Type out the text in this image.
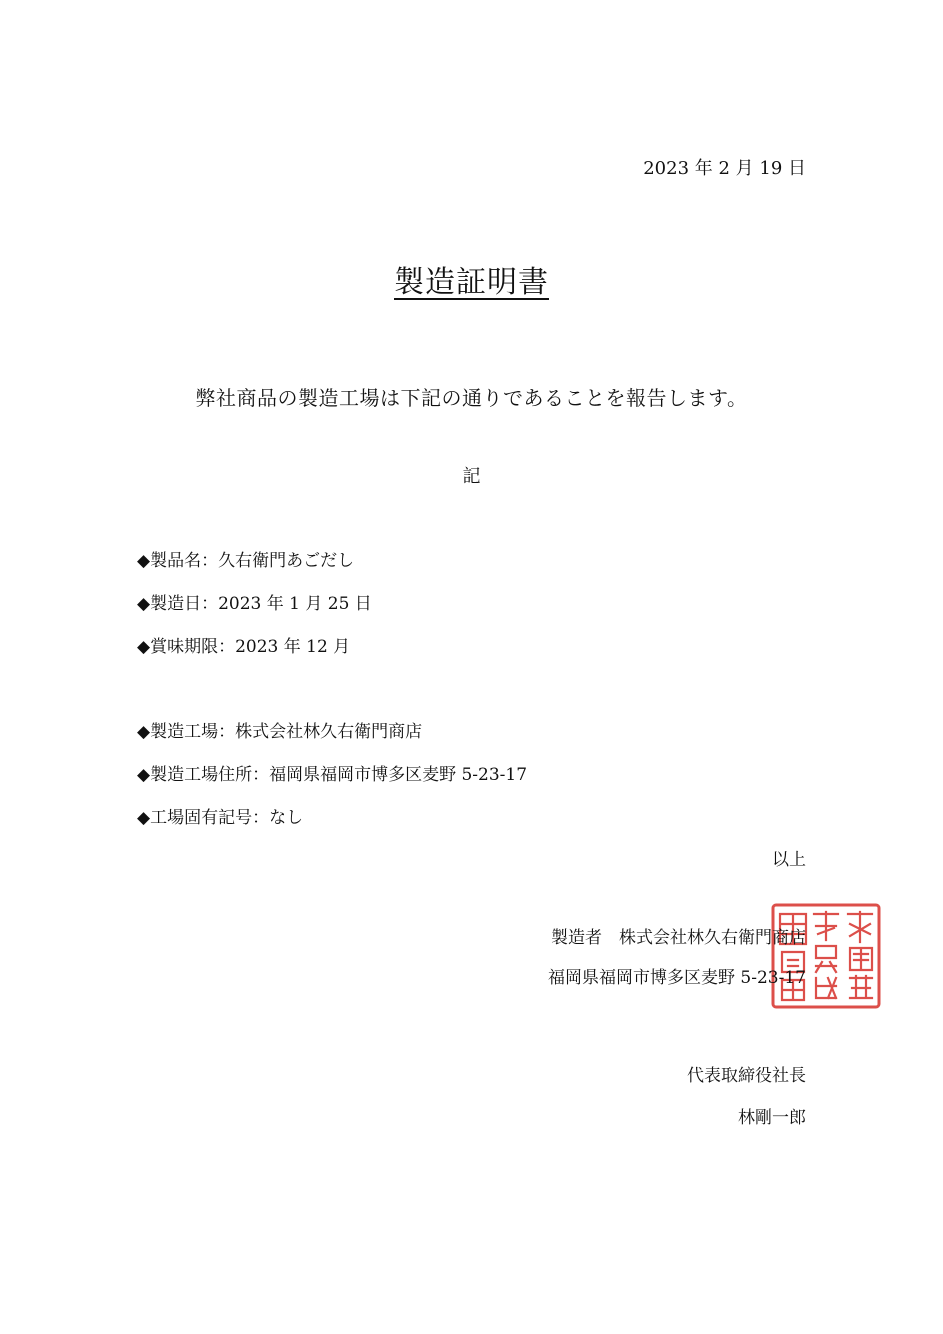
2023 年 2 月 19 日
製造証明書
弊社商品の製造工場は下記の通りであることを報告します。
記
◆製品名：久右衛門あごだし
◆製造日：2023 年 1 月 25 日
◆賞味期限：2023 年 12 月
◆製造工場：株式会社林久右衛門商店
◆製造工場住所：福岡県福岡市博多区麦野 5-23-17
◆工場固有記号：なし
以上
製造者　株式会社林久右衛門商店
福岡県福岡市博多区麦野 5-23-17
代表取締役社長
林剛一郎
